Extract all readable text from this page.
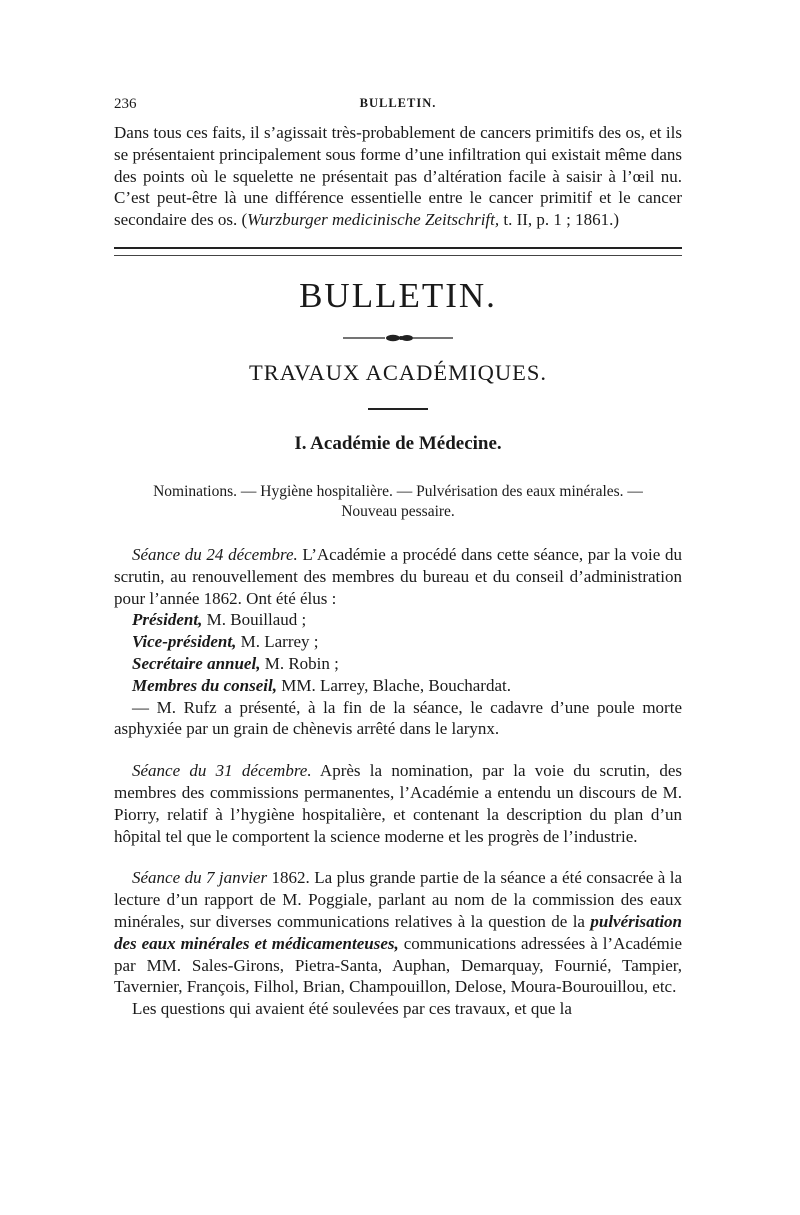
236	BULLETIN.

Dans tous ces faits, il s’agissait très-probablement de cancers primitifs des os, et ils se présentaient principalement sous forme d’une infiltration qui existait même dans des points où le squelette ne présentait pas d’altération facile à saisir à l’œil nu. C’est peut-être là une différence essentielle entre le cancer primitif et le cancer secondaire des os. (Wurzburger medicinische Zeitschrift, t. II, p. 1 ; 1861.)

BULLETIN.
TRAVAUX ACADÉMIQUES.
I. Académie de Médecine.
Nominations. — Hygiène hospitalière. — Pulvérisation des eaux minérales. —
Nouveau pessaire.

Séance du 24 décembre. L’Académie a procédé dans cette séance, par la voie du scrutin, au renouvellement des membres du bureau et du conseil d’administration pour l’année 1862. Ont été élus :

Président, M. Bouillaud ;
Vice-président, M. Larrey ;
Secrétaire annuel, M. Robin ;
Membres du conseil, MM. Larrey, Blache, Bouchardat.

— M. Rufz a présenté, à la fin de la séance, le cadavre d’une poule morte asphyxiée par un grain de chènevis arrêté dans le larynx.

Séance du 31 décembre. Après la nomination, par la voie du scrutin, des membres des commissions permanentes, l’Académie a entendu un discours de M. Piorry, relatif à l’hygiène hospitalière, et contenant la description du plan d’un hôpital tel que le comportent la science moderne et les progrès de l’industrie.

Séance du 7 janvier 1862. La plus grande partie de la séance a été consacrée à la lecture d’un rapport de M. Poggiale, parlant au nom de la commission des eaux minérales, sur diverses communications relatives à la question de la pulvérisation des eaux minérales et médicamenteuses, communications adressées à l’Académie par MM. Sales-Girons, Pietra-Santa, Auphan, Demarquay, Fournié, Tampier, Tavernier, François, Filhol, Brian, Champouillon, Delose, Moura-Bourouillou, etc.

Les questions qui avaient été soulevées par ces travaux, et que la
